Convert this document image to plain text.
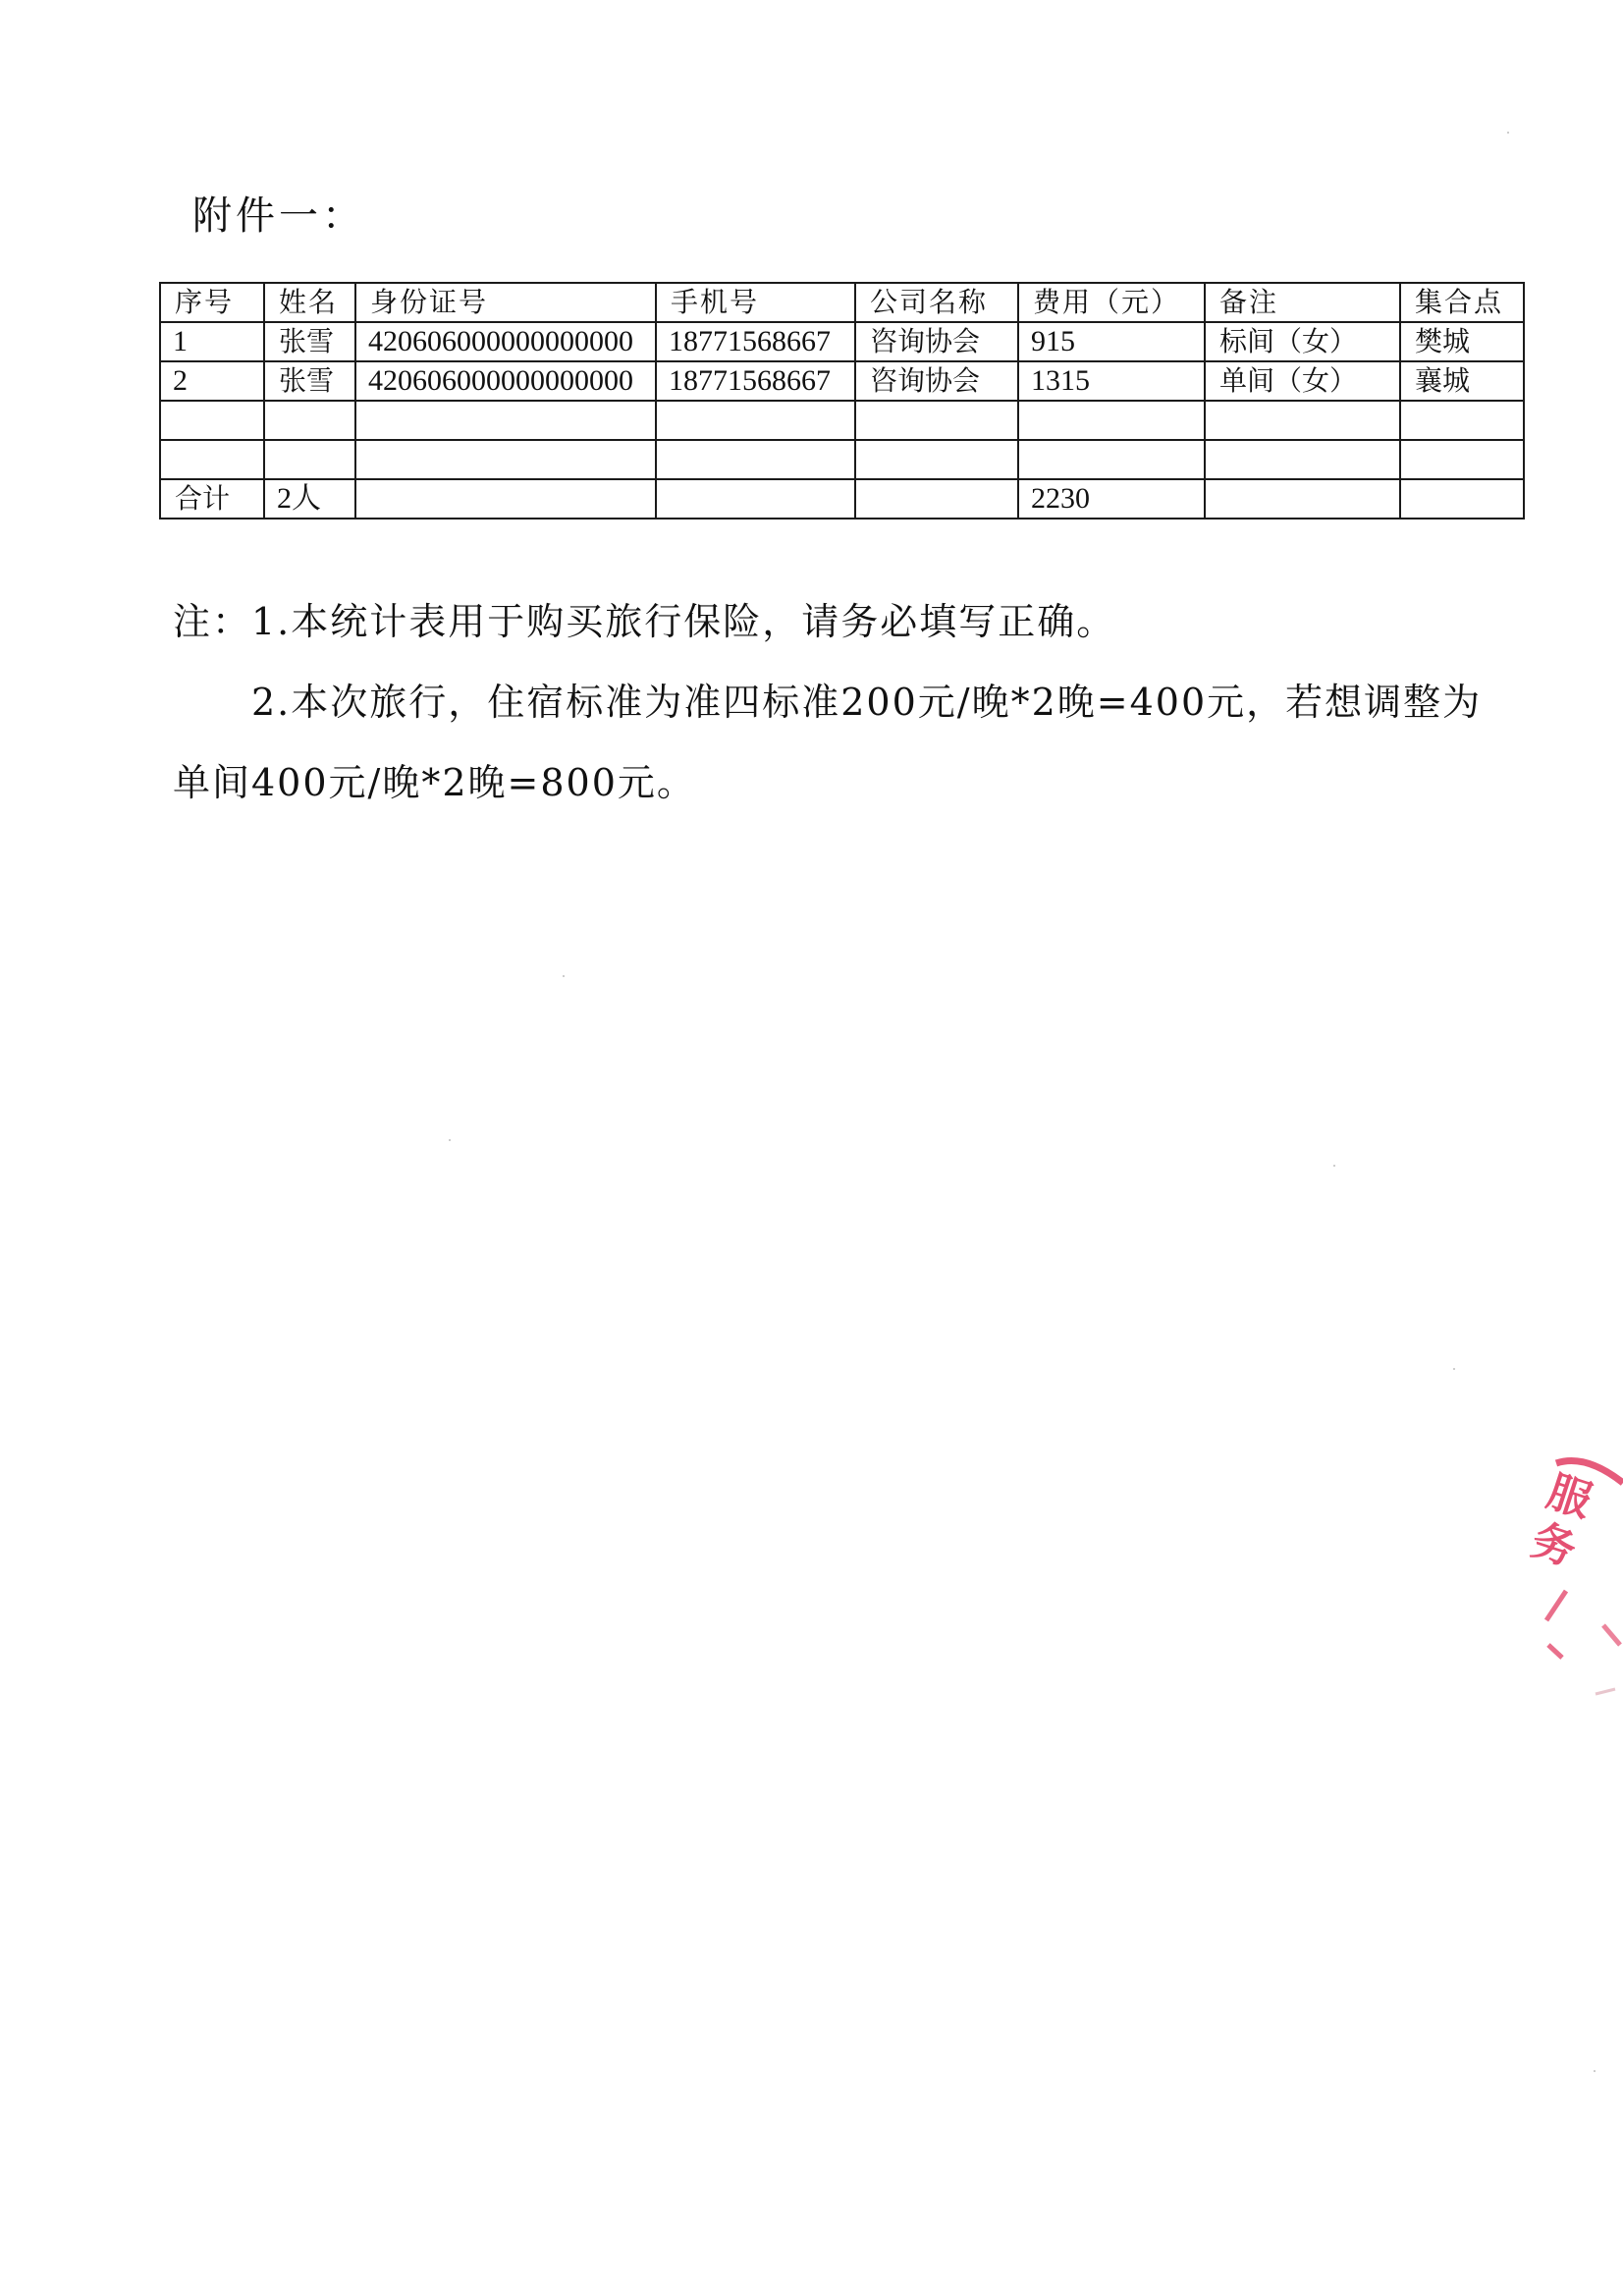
附件一：
序号	姓名	身份证号	手机号	公司名称	费用（元）	备注	集合点
1	张雪	420606000000000000	18771568667	咨询协会	915	标间（女）	樊城
2	张雪	420606000000000000	18771568667	咨询协会	1315	单间（女）	襄城

合计	2人				2230		
注：1.本统计表用于购买旅行保险，请务必填写正确。
2.本次旅行，住宿标准为准四标准200元/晚*2晚=400元，若想调整为
单间400元/晚*2晚=800元。
服务
